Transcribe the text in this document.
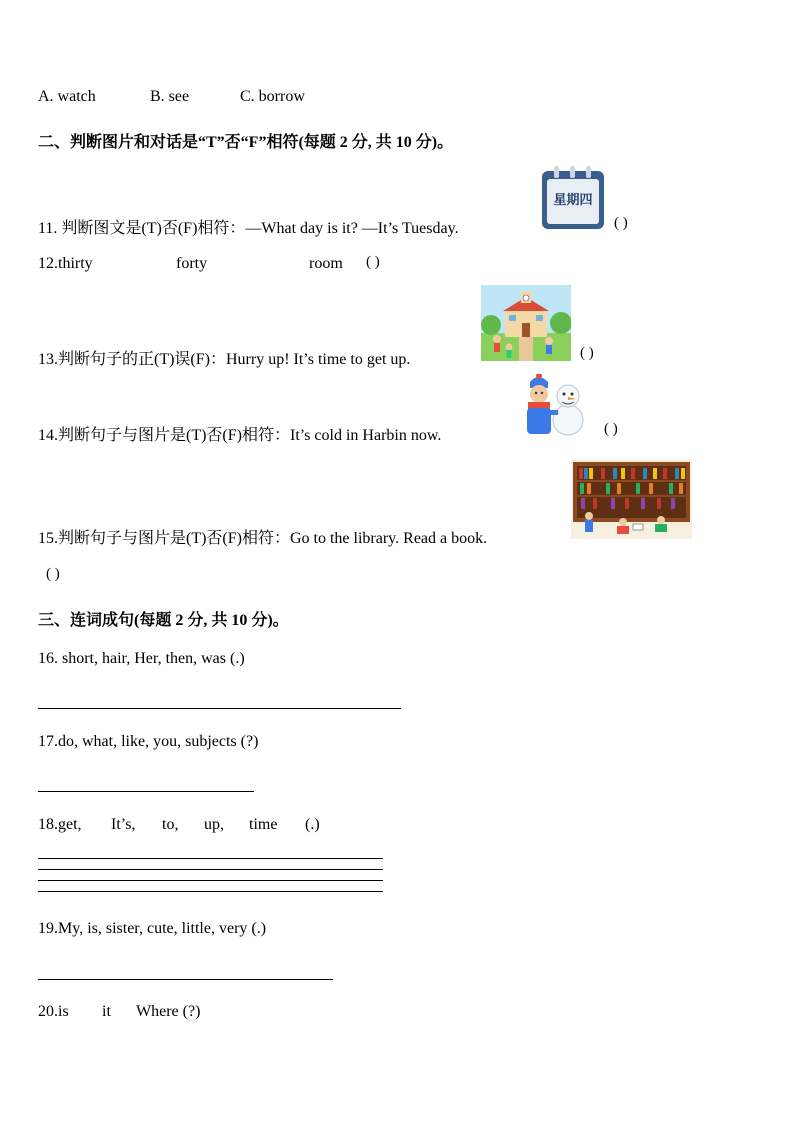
A. watch	B. see	C. borrow
二、判断图片和对话是“T”否“F”相符(每题 2 分, 共 10 分)。
11. 判断图文是(T)否(F)相符：—What day is it? —It’s Tuesday.
星期四
( )
12.thirty	forty	room ( )
13.判断句子的正(T)误(F)：Hurry up! It’s time to get up.	( )
14.判断句子与图片是(T)否(F)相符：It’s cold in Harbin now.	( )
15.判断句子与图片是(T)否(F)相符：Go to the library. Read a book.
( )
三、连词成句(每题 2 分, 共 10 分)。
16. short, hair, Her, then, was (.)
17.do, what, like, you, subjects (?)
18.get, It’s, to, up, time (.)
19.My, is, sister, cute, little, very (.)
20.is it Where (?)
